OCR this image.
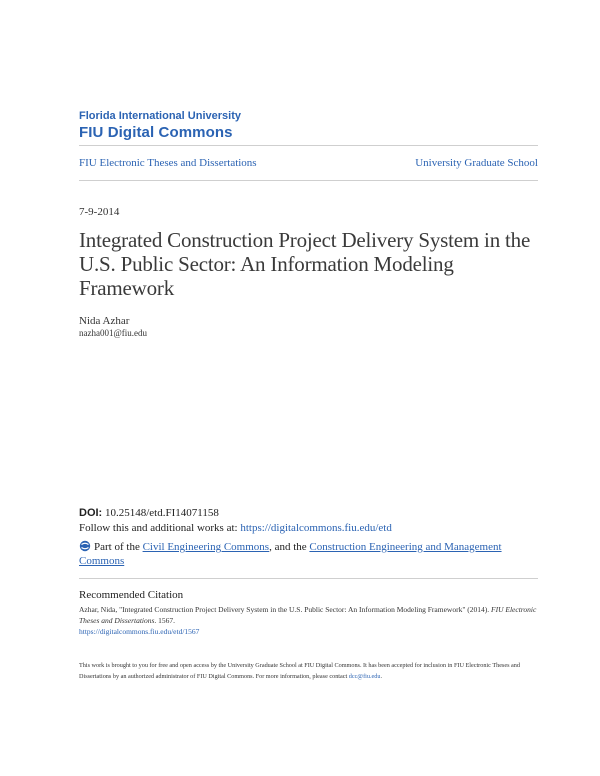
Florida International University
FIU Digital Commons
FIU Electronic Theses and Dissertations	University Graduate School
7-9-2014
Integrated Construction Project Delivery System in the U.S. Public Sector: An Information Modeling Framework
Nida Azhar
nazha001@fiu.edu
DOI: 10.25148/etd.FI14071158
Follow this and additional works at: https://digitalcommons.fiu.edu/etd
Part of the Civil Engineering Commons, and the Construction Engineering and Management Commons
Recommended Citation
Azhar, Nida, "Integrated Construction Project Delivery System in the U.S. Public Sector: An Information Modeling Framework" (2014). FIU Electronic Theses and Dissertations. 1567.
https://digitalcommons.fiu.edu/etd/1567
This work is brought to you for free and open access by the University Graduate School at FIU Digital Commons. It has been accepted for inclusion in FIU Electronic Theses and Dissertations by an authorized administrator of FIU Digital Commons. For more information, please contact dcc@fiu.edu.
